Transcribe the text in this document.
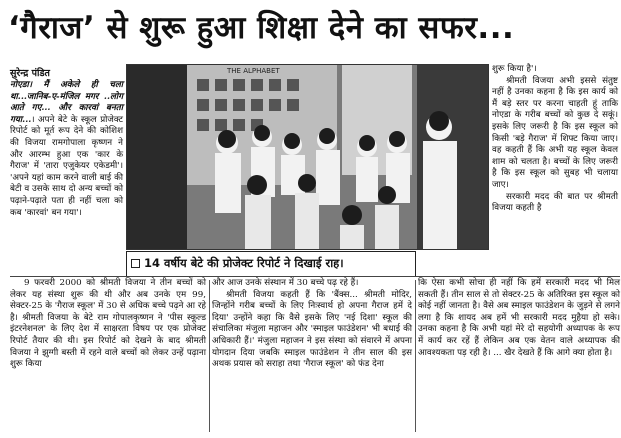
‘गैराज’ से शुरू हुआ शिक्षा देने का सफर...
सुरेन्द्र पंडित

नोएडा। मैं अकेले ही चला था...जानिब-ए-मंजिल मगर ..लोग आते गए... और कारवां बनता गया...। अपने बेटे के स्कूल प्रोजेक्ट रिपोर्ट को मूर्त रूप देने की कोशिश की विजया रामगोपाला कृष्णन ने और आरम्भ हुआ एक 'कार के गैराज' में 'तारा एजुकेयर एकेडमी'। 'अपने यहां काम करने वाली बाई की बेटी व उसके साथ दो अन्य बच्चों को पढ़ाने-पढ़ाते पता ही नहीं चला को कब 'कारवां' बन गया'।

THE ALPHABET
14 वर्षीय बेटे की प्रोजेक्ट रिपोर्ट ने दिखाई राह।

शुरू किया है'।

श्रीमती विजया अभी इससे संतुष्ट नहीं है उनका कहना है कि इस कार्य को मैं बड़े स्तर पर करना चाहती हूं ताकि नोएडा के गरीब बच्चों को कुछ दे सकूं। इसके लिए जरूरी है कि इस स्कूल को किसी 'बड़े गैराज' में शिफ्ट किया जाए। वह कहती हैं कि अभी यह स्कूल केवल शाम को चलता है। बच्चों के लिए जरूरी है कि इस स्कूल को सुबह भी चलाया जाए।

सरकारी मदद की बात पर श्रीमती विजया कहती है

9 फरवरी 2000 को श्रीमती विजया ने तीन बच्चों को लेकर यह संस्था शुरू की थी और अब उनके एम 99, सेक्टर-25 के 'गैराज स्कूल' में 30 से अधिक बच्चे पढ़ने आ रहे है। श्रीमती विजया के बेटे राम गोपालकृष्णन ने 'पीस स्कूल्ड इंटरनेशनल' के लिए देश में साक्षरता विषय पर एक प्रोजेक्ट रिपोर्ट तैयार की थी। इस रिपोर्ट को देखने के बाद श्रीमती विजया ने झुग्गी बस्ती में रहने वाले बच्चों को लेकर उन्हें पढ़ाना शुरू किया

और आज उनके संस्थान में 30 बच्चे पढ़ रहे हैं।

श्रीमती विजया कहती हैं कि 'बैंक्स... श्रीमती मोदिर, जिन्होंने गरीब बच्चों के लिए निःस्वार्थ हो अपना गैराज हमें दे दिया' उन्होंने कहा कि वैसे इसके लिए 'नई दिशा' स्कूल की संचालिका मंजुला महाजन और 'स्माइल फाउंडेशन' भी बधाई की अधिकारी हैं।' मंजुला महाजन ने इस संस्था को संवारने में अपना योगदान दिया जबकि स्माइल फाउंडेशन ने तीन साल की इस अथक प्रयास को सराहा तथा 'गैराज स्कूल' को फंड देना

कि ऐसा कभी सोचा ही नहीं कि हमें सरकारी मदद भी मिल सकती हैं। तीन साल से तो सेक्टर-25 के अतिरिक्त इस स्कूल को कोई नहीं जानता है। वैसे अब स्माइल फाउंडेशन के जुड़ने से लगने लगा है कि शायद अब हमें भी सरकारी मदद मुहैया हो सके। उनका कहना है कि अभी यहां मेरे दो सहयोगी अध्यापक के रूप में कार्य कर रहें हैं लेकिन अब एक वेतन वाले अध्यापक की आवश्यकता पड़ रही है। ... खैर देखते हैं कि आगे क्या होता है।
